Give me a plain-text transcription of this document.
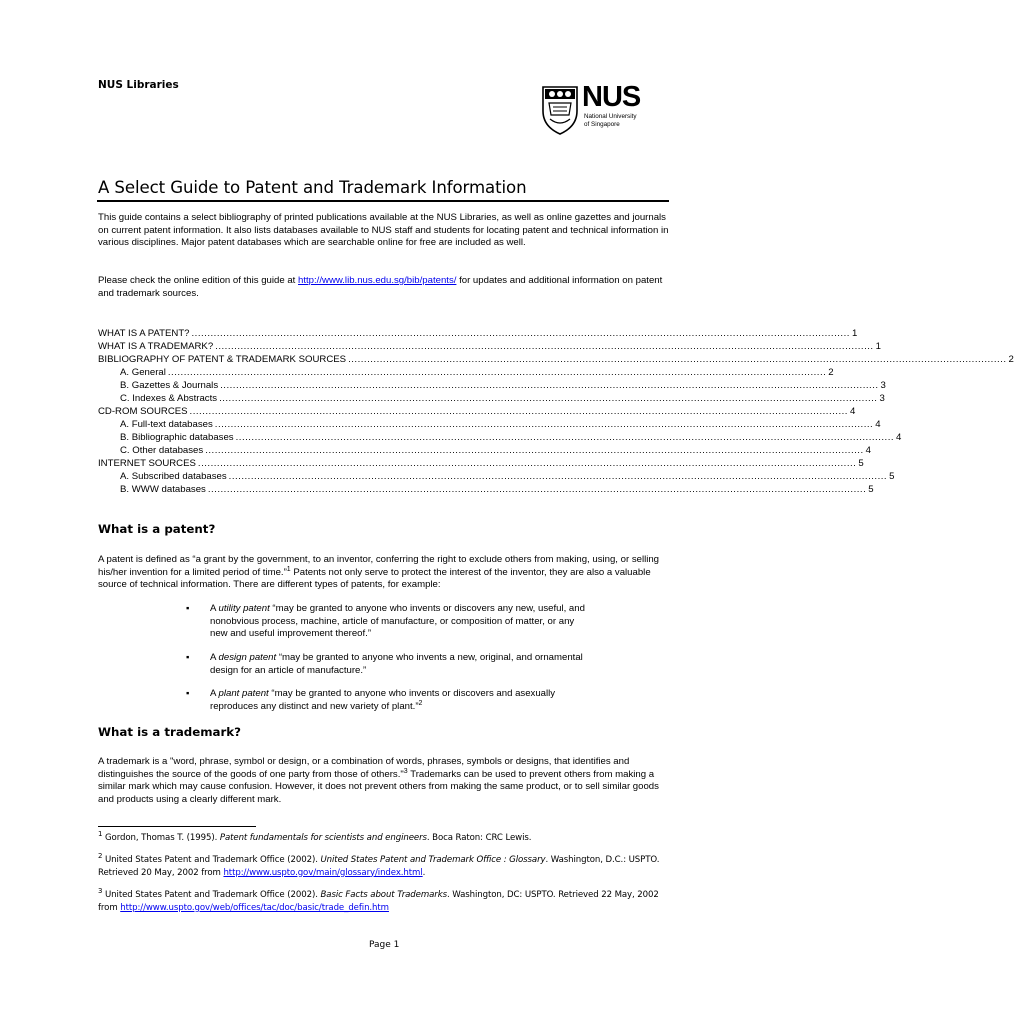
NUS Libraries	NUS
National University
of Singapore
A Select Guide to Patent and Trademark Information
This guide contains a select bibliography of printed publications available at the NUS Libraries, as well as online gazettes and journals on current patent information. It also lists databases available to NUS staff and students for locating patent and technical information in various disciplines. Major patent databases which are searchable online for free are included as well.
Please check the online edition of this guide at http://www.lib.nus.edu.sg/bib/patents/ for updates and additional information on patent and trademark sources.
WHAT IS A PATENT? ................................................................................................................................................................................................................ 1
WHAT IS A TRADEMARK? ................................................................................................................................................................................................................ 1
BIBLIOGRAPHY OF PATENT & TRADEMARK SOURCES ................................................................................................................................................................................................................ 2
A. General ................................................................................................................................................................................................................ 2
B. Gazettes & Journals ................................................................................................................................................................................................................ 3
C. Indexes & Abstracts ................................................................................................................................................................................................................ 3
CD-ROM SOURCES ................................................................................................................................................................................................................ 4
A. Full-text databases ................................................................................................................................................................................................................ 4
B. Bibliographic databases ................................................................................................................................................................................................................ 4
C. Other databases ................................................................................................................................................................................................................ 4
INTERNET SOURCES ................................................................................................................................................................................................................ 5
A. Subscribed databases ................................................................................................................................................................................................................ 5
B. WWW databases ................................................................................................................................................................................................................ 5
What is a patent?
A patent is defined as “a grant by the government, to an inventor, conferring the right to exclude others from making, using, or selling his/her invention for a limited period of time.”$^1$ Patents not only serve to protect the interest of the inventor, they are also a valuable source of technical information. There are different types of patents, for example:
▪ A utility patent “may be granted to anyone who invents or discovers any new, useful, and nonobvious process, machine, article of manufacture, or composition of matter, or any new and useful improvement thereof.”
▪ A design patent “may be granted to anyone who invents a new, original, and ornamental design for an article of manufacture.”
▪ A plant patent “may be granted to anyone who invents or discovers and asexually reproduces any distinct and new variety of plant.”$^2$
What is a trademark?
A trademark is a "word, phrase, symbol or design, or a combination of words, phrases, symbols or designs, that identifies and distinguishes the source of the goods of one party from those of others."$^3$ Trademarks can be used to prevent others from making a similar mark which may cause confusion. However, it does not prevent others from making the same product, or to sell similar goods and products using a clearly different mark.
$^1$ Gordon, Thomas T. (1995). Patent fundamentals for scientists and engineers. Boca Raton: CRC Lewis.
$^2$ United States Patent and Trademark Office (2002). United States Patent and Trademark Office : Glossary. Washington, D.C.: USPTO. Retrieved 20 May, 2002 from http://www.uspto.gov/main/glossary/index.html.
$^3$ United States Patent and Trademark Office (2002). Basic Facts about Trademarks. Washington, DC: USPTO. Retrieved 22 May, 2002 from http://www.uspto.gov/web/offices/tac/doc/basic/trade_defin.htm
Page 1
